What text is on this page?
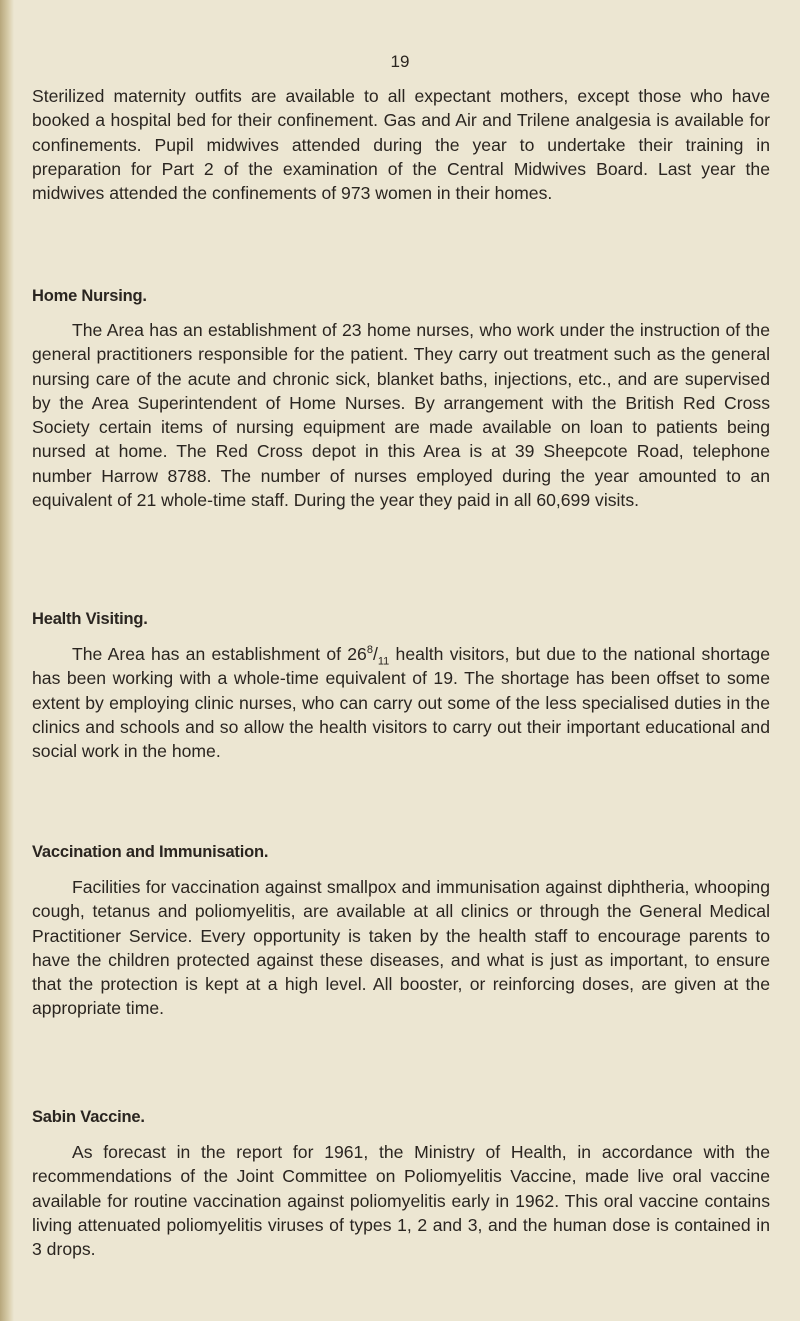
19

Sterilized maternity outfits are available to all expectant mothers, except those who have booked a hospital bed for their confinement. Gas and Air and Trilene analgesia is available for confinements. Pupil midwives attended during the year to undertake their training in preparation for Part 2 of the examination of the Central Midwives Board. Last year the midwives attended the confinements of 973 women in their homes.

Home Nursing.

The Area has an establishment of 23 home nurses, who work under the instruction of the general practitioners responsible for the patient. They carry out treatment such as the general nursing care of the acute and chronic sick, blanket baths, injections, etc., and are supervised by the Area Superintendent of Home Nurses. By arrangement with the British Red Cross Society certain items of nursing equipment are made available on loan to patients being nursed at home. The Red Cross depot in this Area is at 39 Sheepcote Road, telephone number Harrow 8788. The number of nurses employed during the year amounted to an equivalent of 21 whole-time staff. During the year they paid in all 60,699 visits.

Health Visiting.

The Area has an establishment of $26^8/_{11}$ health visitors, but due to the national shortage has been working with a whole-time equivalent of 19. The shortage has been offset to some extent by employing clinic nurses, who can carry out some of the less specialised duties in the clinics and schools and so allow the health visitors to carry out their important educational and social work in the home.

Vaccination and Immunisation.

Facilities for vaccination against smallpox and immunisation against diphtheria, whooping cough, tetanus and poliomyelitis, are available at all clinics or through the General Medical Practitioner Service. Every opportunity is taken by the health staff to encourage parents to have the children protected against these diseases, and what is just as important, to ensure that the protection is kept at a high level. All booster, or reinforcing doses, are given at the appropriate time.

Sabin Vaccine.

As forecast in the report for 1961, the Ministry of Health, in accordance with the recommendations of the Joint Committee on Poliomyelitis Vaccine, made live oral vaccine available for routine vaccination against poliomyelitis early in 1962. This oral vaccine contains living attenuated poliomyelitis viruses of types 1, 2 and 3, and the human dose is contained in 3 drops.
